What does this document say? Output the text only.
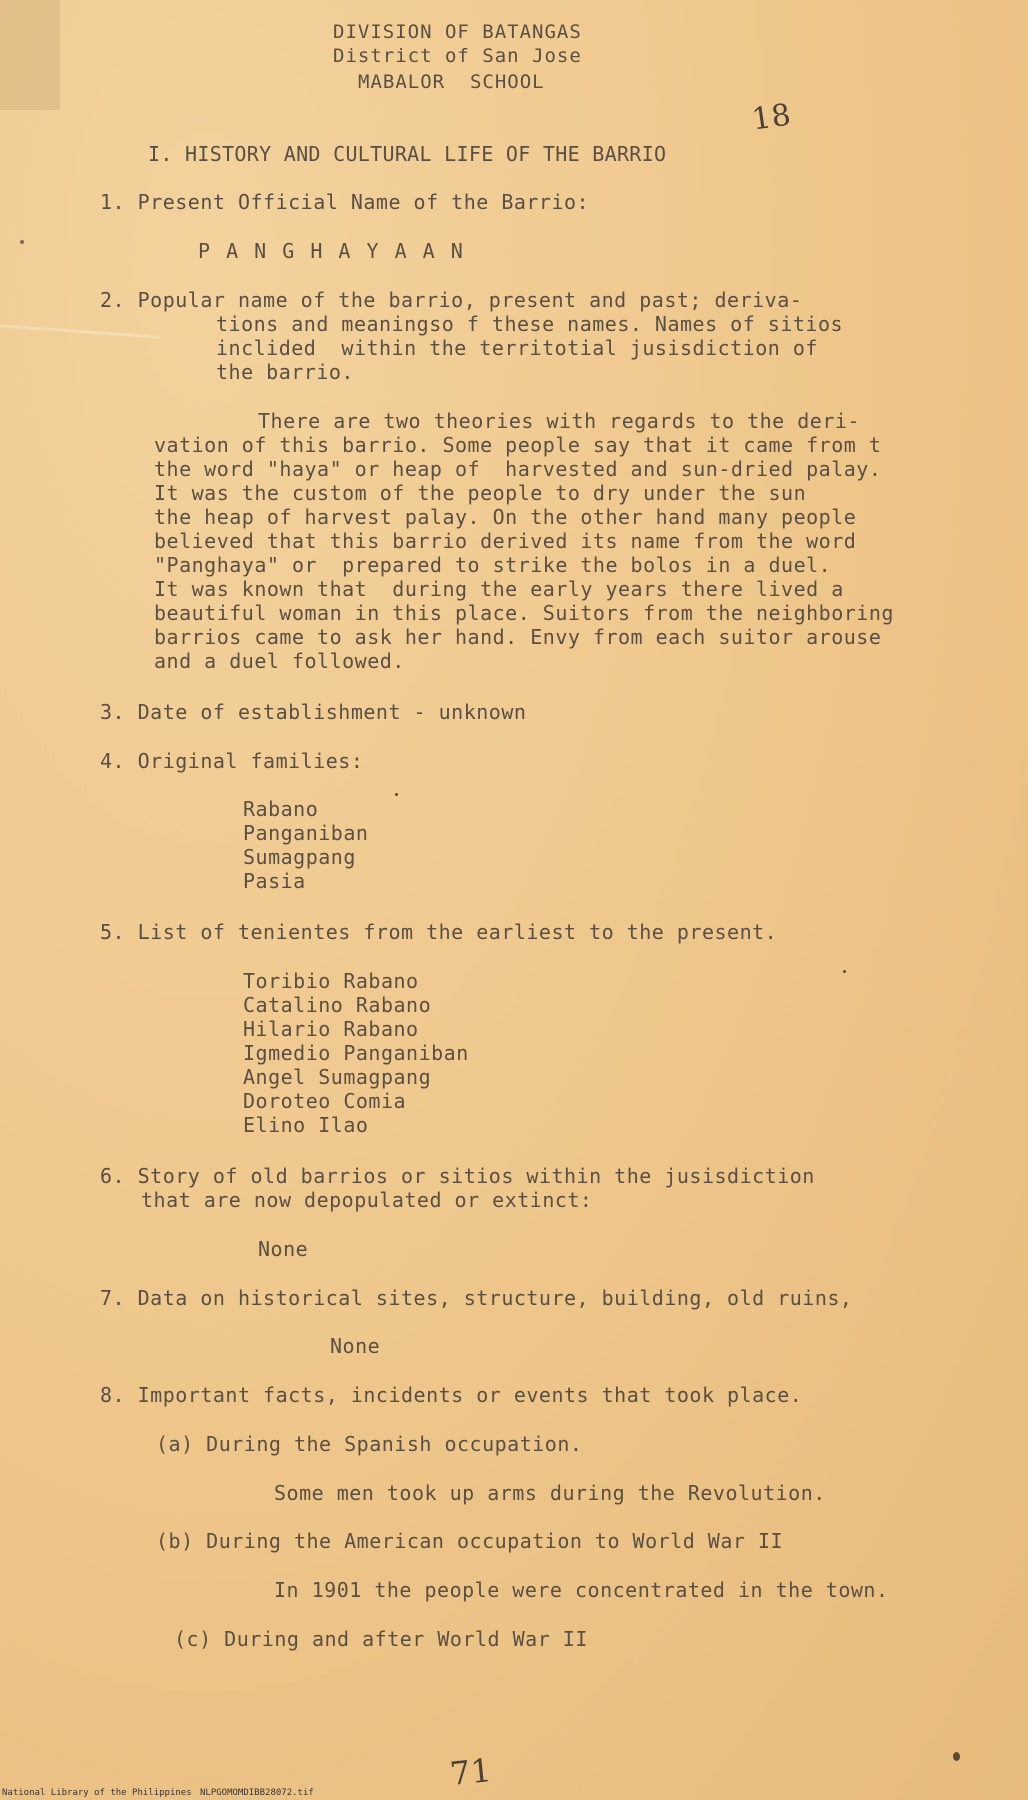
DIVISION OF BATANGAS
District of San Jose
MABALOR  SCHOOL
18
I. HISTORY AND CULTURAL LIFE OF THE BARRIO
1. Present Official Name of the Barrio:
P A N G H A Y A A N
2. Popular name of the barrio, present and past; deriva-
tions and meaningso f these names. Names of sitios
inclided  within the territotial jusisdiction of
the barrio.
There are two theories with regards to the deri-
vation of this barrio. Some people say that it came from t
the word "haya" or heap of  harvested and sun-dried palay.
It was the custom of the people to dry under the sun
the heap of harvest palay. On the other hand many people
believed that this barrio derived its name from the word
"Panghaya" or  prepared to strike the bolos in a duel.
It was known that  during the early years there lived a
beautiful woman in this place. Suitors from the neighboring
barrios came to ask her hand. Envy from each suitor arouse
and a duel followed.
3. Date of establishment - unknown
4. Original families:
Rabano
Panganiban
Sumagpang
Pasia
5. List of tenientes from the earliest to the present.
Toribio Rabano
Catalino Rabano
Hilario Rabano
Igmedio Panganiban
Angel Sumagpang
Doroteo Comia
Elino Ilao
6. Story of old barrios or sitios within the jusisdiction
that are now depopulated or extinct:
None
7. Data on historical sites, structure, building, old ruins,
None
8. Important facts, incidents or events that took place.
(a) During the Spanish occupation.
Some men took up arms during the Revolution.
(b) During the American occupation to World War II
In 1901 the people were concentrated in the town.
(c) During and after World War II
71
National Library of the Philippines NLPGOMOMDIBB28072.tif
